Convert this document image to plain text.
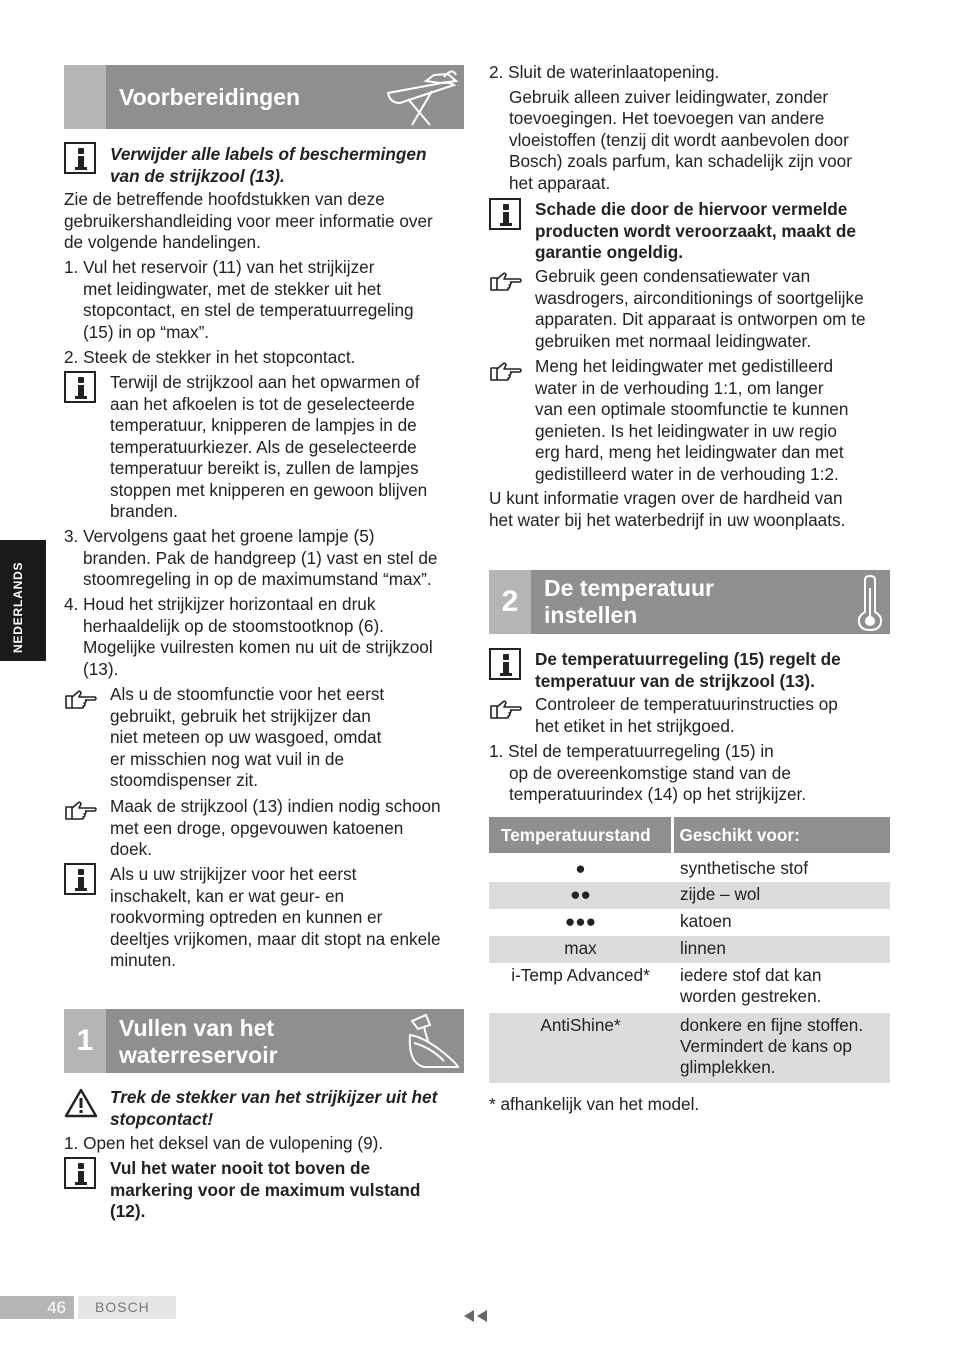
NEDERLANDS
Voorbereidingen
Verwijder alle labels of beschermingen
van de strijkzool (13).
Zie de betreffende hoofdstukken van deze
gebruikershandleiding voor meer informatie over
de volgende handelingen.
1. Vul het reservoir (11) van het strijkijzer
met leidingwater, met de stekker uit het
stopcontact, en stel de temperatuurregeling
(15) in op “max”.
2. Steek de stekker in het stopcontact.
Terwijl de strijkzool aan het opwarmen of
aan het afkoelen is tot de geselecteerde
temperatuur, knipperen de lampjes in de
temperatuurkiezer. Als de geselecteerde
temperatuur bereikt is, zullen de lampjes
stoppen met knipperen en gewoon blijven
branden.
3. Vervolgens gaat het groene lampje (5)
branden. Pak de handgreep (1) vast en stel de
stoomregeling in op de maximumstand “max”.
4. Houd het strijkijzer horizontaal en druk
herhaaldelijk op de stoomstootknop (6).
Mogelijke vuilresten komen nu uit de strijkzool
(13).
Als u de stoomfunctie voor het eerst
gebruikt, gebruik het strijkijzer dan
niet meteen op uw wasgoed, omdat
er misschien nog wat vuil in de
stoomdispenser zit.
Maak de strijkzool (13) indien nodig schoon
met een droge, opgevouwen katoenen
doek.
Als u uw strijkijzer voor het eerst
inschakelt, kan er wat geur- en
rookvorming optreden en kunnen er
deeltjes vrijkomen, maar dit stopt na enkele
minuten.
1	Vullen van het
waterreservoir
Trek de stekker van het strijkijzer uit het
stopcontact!
1. Open het deksel van de vulopening (9).
Vul het water nooit tot boven de
markering voor de maximum vulstand
(12).
2. Sluit de waterinlaatopening.
Gebruik alleen zuiver leidingwater, zonder
toevoegingen. Het toevoegen van andere
vloeistoffen (tenzij dit wordt aanbevolen door
Bosch) zoals parfum, kan schadelijk zijn voor
het apparaat.
Schade die door de hiervoor vermelde
producten wordt veroorzaakt, maakt de
garantie ongeldig.
Gebruik geen condensatiewater van
wasdrogers, airconditionings of soortgelijke
apparaten. Dit apparaat is ontworpen om te
gebruiken met normaal leidingwater.
Meng het leidingwater met gedistilleerd
water in de verhouding 1:1, om langer
van een optimale stoomfunctie te kunnen
genieten. Is het leidingwater in uw regio
erg hard, meng het leidingwater dan met
gedistilleerd water in de verhouding 1:2.
U kunt informatie vragen over de hardheid van
het water bij het waterbedrijf in uw woonplaats.
2	De temperatuur
instellen
De temperatuurregeling (15) regelt de
temperatuur van de strijkzool (13).
Controleer de temperatuurinstructies op
het etiket in het strijkgoed.
1. Stel de temperatuurregeling (15) in
op de overeenkomstige stand van de
temperatuurindex (14) op het strijkijzer.
Temperatuurstand	Geschikt voor:
●	synthetische stof
●●	zijde – wol
●●●	katoen
max	linnen
i-Temp Advanced*	iedere stof dat kan worden gestreken.
AntiShine*	donkere en fijne stoffen. Vermindert de kans op glimplekken.
* afhankelijk van het model.
46	BOSCH
